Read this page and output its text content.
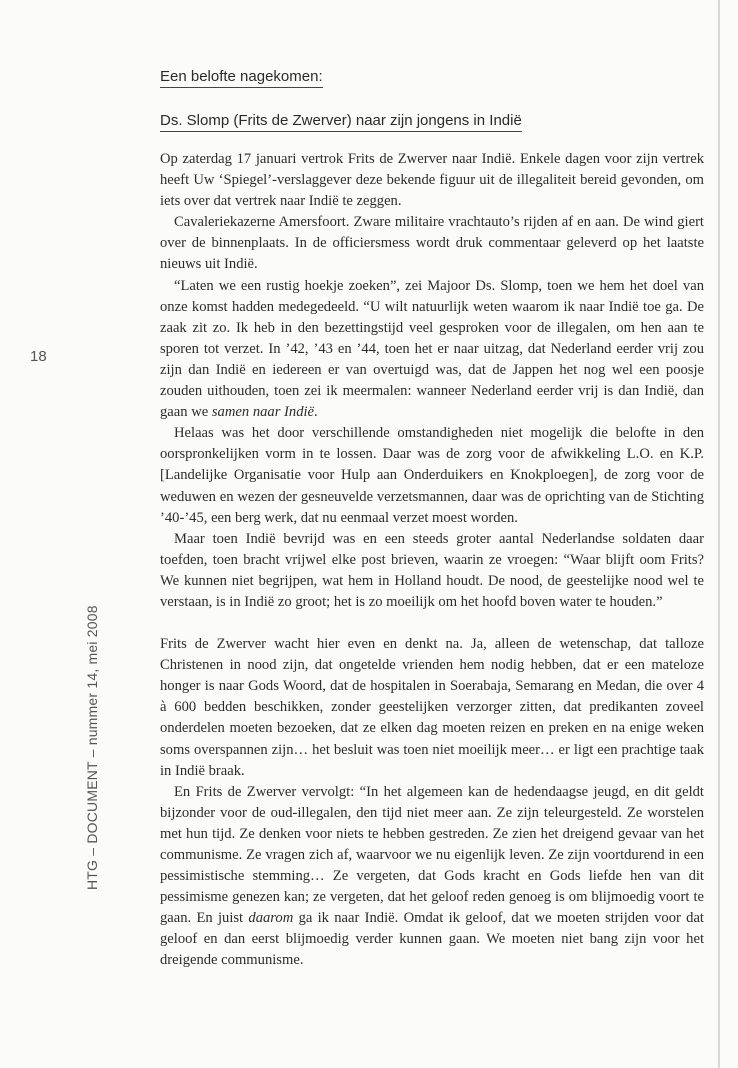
18
HTG – DOCUMENT – nummer 14, mei 2008
Een belofte nagekomen:
Ds. Slomp (Frits de Zwerver) naar zijn jongens in Indië

Op zaterdag 17 januari vertrok Frits de Zwerver naar Indië. Enkele dagen voor zijn vertrek heeft Uw ‘Spiegel’-verslaggever deze bekende figuur uit de illegaliteit bereid gevonden, om iets over dat vertrek naar Indië te zeggen.

Cavaleriekazerne Amersfoort. Zware militaire vrachtauto’s rijden af en aan. De wind giert over de binnenplaats. In de officiersmess wordt druk commentaar geleverd op het laatste nieuws uit Indië.

“Laten we een rustig hoekje zoeken”, zei Majoor Ds. Slomp, toen we hem het doel van onze komst hadden medegedeeld. “U wilt natuurlijk weten waarom ik naar Indië toe ga. De zaak zit zo. Ik heb in den bezettingstijd veel gesproken voor de illegalen, om hen aan te sporen tot verzet. In ’42, ’43 en ’44, toen het er naar uitzag, dat Nederland eerder vrij zou zijn dan Indië en iedereen er van overtuigd was, dat de Jappen het nog wel een poosje zouden uithouden, toen zei ik meermalen: wanneer Nederland eerder vrij is dan Indië, dan gaan we samen naar Indië.

Helaas was het door verschillende omstandigheden niet mogelijk die belofte in den oorspronkelijken vorm in te lossen. Daar was de zorg voor de afwikkeling L.O. en K.P. [Landelijke Organisatie voor Hulp aan Onderduikers en Knokploegen], de zorg voor de weduwen en wezen der gesneuvelde verzetsmannen, daar was de oprichting van de Stichting ’40-’45, een berg werk, dat nu eenmaal verzet moest worden.

Maar toen Indië bevrijd was en een steeds groter aantal Nederlandse soldaten daar toefden, toen bracht vrijwel elke post brieven, waarin ze vroegen: “Waar blijft oom Frits? We kunnen niet begrijpen, wat hem in Holland houdt. De nood, de geestelijke nood wel te verstaan, is in Indië zo groot; het is zo moeilijk om het hoofd boven water te houden.”

Frits de Zwerver wacht hier even en denkt na. Ja, alleen de wetenschap, dat talloze Christenen in nood zijn, dat ongetelde vrienden hem nodig hebben, dat er een mateloze honger is naar Gods Woord, dat de hospitalen in Soerabaja, Semarang en Medan, die over 4 à 600 bedden beschikken, zonder geestelijken verzorger zitten, dat predikanten zoveel onderdelen moeten bezoeken, dat ze elken dag moeten reizen en preken en na enige weken soms overspannen zijn… het besluit was toen niet moeilijk meer… er ligt een prachtige taak in Indië braak.

En Frits de Zwerver vervolgt: “In het algemeen kan de hedendaagse jeugd, en dit geldt bijzonder voor de oud-illegalen, den tijd niet meer aan. Ze zijn teleurgesteld. Ze worstelen met hun tijd. Ze denken voor niets te hebben gestreden. Ze zien het dreigend gevaar van het communisme. Ze vragen zich af, waarvoor we nu eigenlijk leven. Ze zijn voortdurend in een pessimistische stemming… Ze vergeten, dat Gods kracht en Gods liefde hen van dit pessimisme genezen kan; ze vergeten, dat het geloof reden genoeg is om blijmoedig voort te gaan. En juist daarom ga ik naar Indië. Omdat ik geloof, dat we moeten strijden voor dat geloof en dan eerst blijmoedig verder kunnen gaan. We moeten niet bang zijn voor het dreigende communisme.
